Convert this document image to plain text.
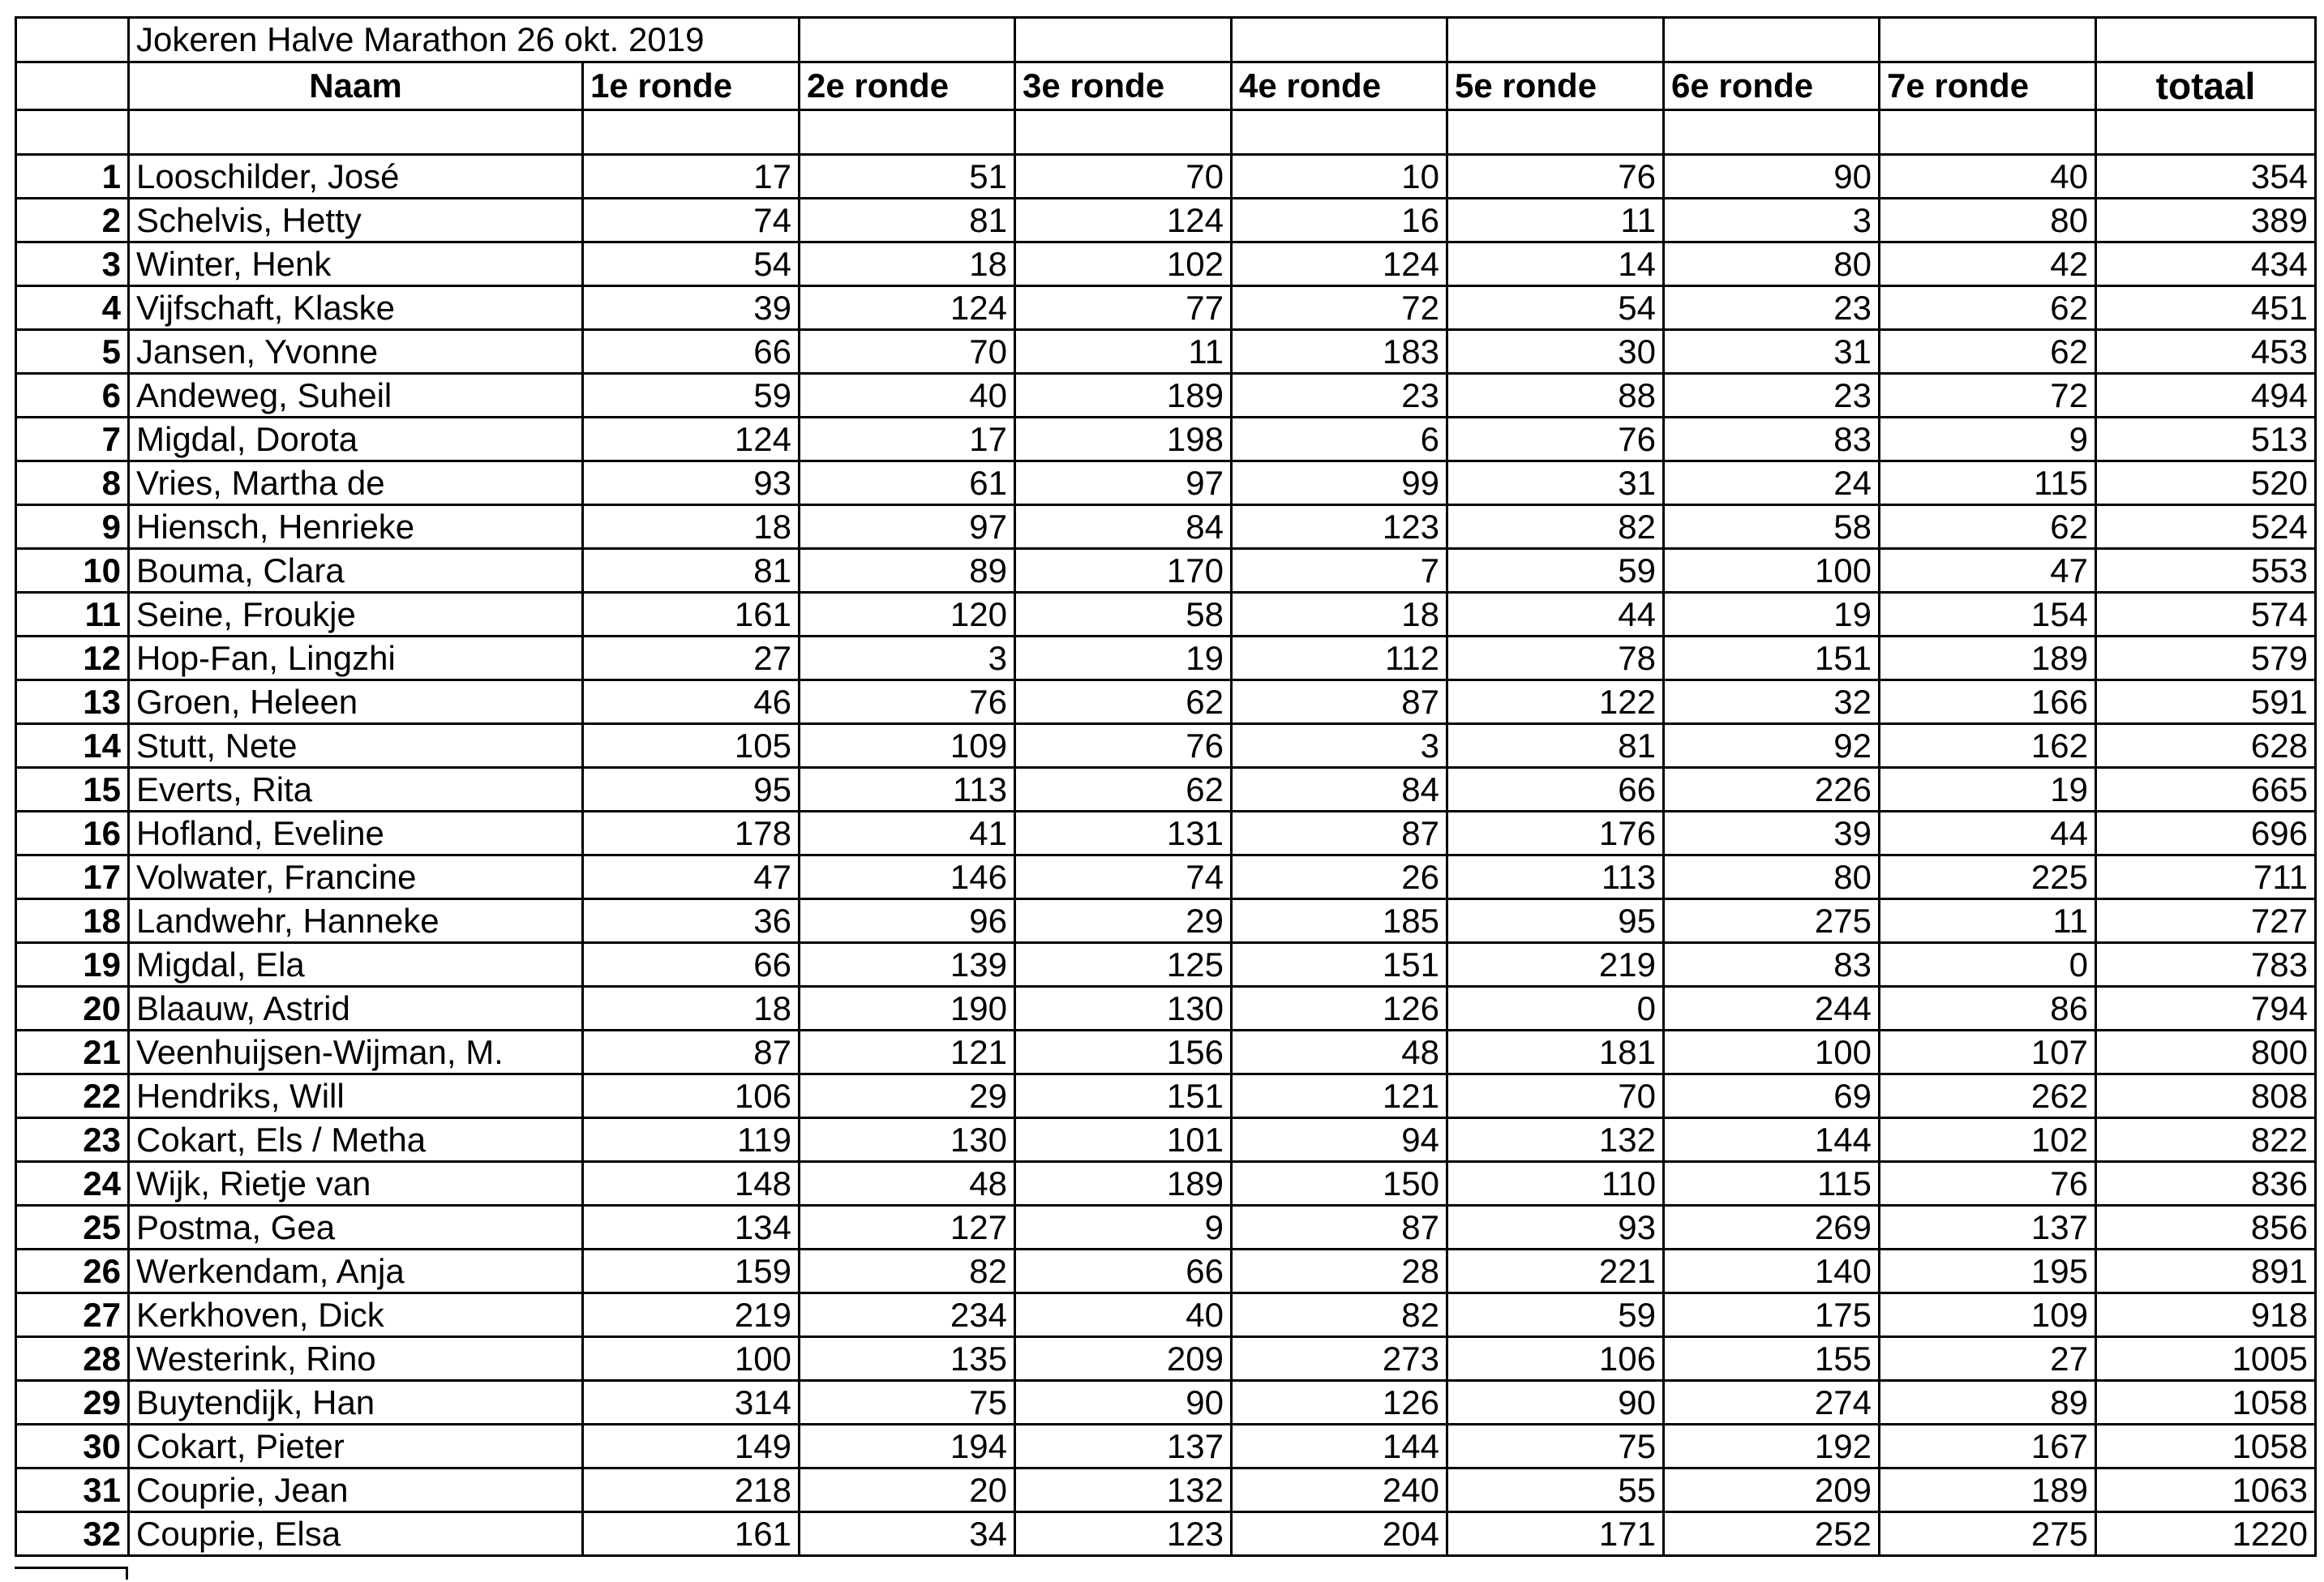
	Jokeren Halve Marathon 26 okt. 2019								
	Naam	1e ronde	2e ronde	3e ronde	4e ronde	5e ronde	6e ronde	7e ronde	totaal

1	Looschilder, José	17	51	70	10	76	90	40	354
2	Schelvis, Hetty	74	81	124	16	11	3	80	389
3	Winter, Henk	54	18	102	124	14	80	42	434
4	Vijfschaft, Klaske	39	124	77	72	54	23	62	451
5	Jansen, Yvonne	66	70	11	183	30	31	62	453
6	Andeweg, Suheil	59	40	189	23	88	23	72	494
7	Migdal, Dorota	124	17	198	6	76	83	9	513
8	Vries, Martha de	93	61	97	99	31	24	115	520
9	Hiensch, Henrieke	18	97	84	123	82	58	62	524
10	Bouma, Clara	81	89	170	7	59	100	47	553
11	Seine, Froukje	161	120	58	18	44	19	154	574
12	Hop-Fan, Lingzhi	27	3	19	112	78	151	189	579
13	Groen, Heleen	46	76	62	87	122	32	166	591
14	Stutt, Nete	105	109	76	3	81	92	162	628
15	Everts, Rita	95	113	62	84	66	226	19	665
16	Hofland, Eveline	178	41	131	87	176	39	44	696
17	Volwater, Francine	47	146	74	26	113	80	225	711
18	Landwehr, Hanneke	36	96	29	185	95	275	11	727
19	Migdal, Ela	66	139	125	151	219	83	0	783
20	Blaauw, Astrid	18	190	130	126	0	244	86	794
21	Veenhuijsen-Wijman, M.	87	121	156	48	181	100	107	800
22	Hendriks, Will	106	29	151	121	70	69	262	808
23	Cokart, Els / Metha	119	130	101	94	132	144	102	822
24	Wijk, Rietje van	148	48	189	150	110	115	76	836
25	Postma, Gea	134	127	9	87	93	269	137	856
26	Werkendam, Anja	159	82	66	28	221	140	195	891
27	Kerkhoven, Dick	219	234	40	82	59	175	109	918
28	Westerink, Rino	100	135	209	273	106	155	27	1005
29	Buytendijk, Han	314	75	90	126	90	274	89	1058
30	Cokart, Pieter	149	194	137	144	75	192	167	1058
31	Couprie, Jean	218	20	132	240	55	209	189	1063
32	Couprie, Elsa	161	34	123	204	171	252	275	1220
